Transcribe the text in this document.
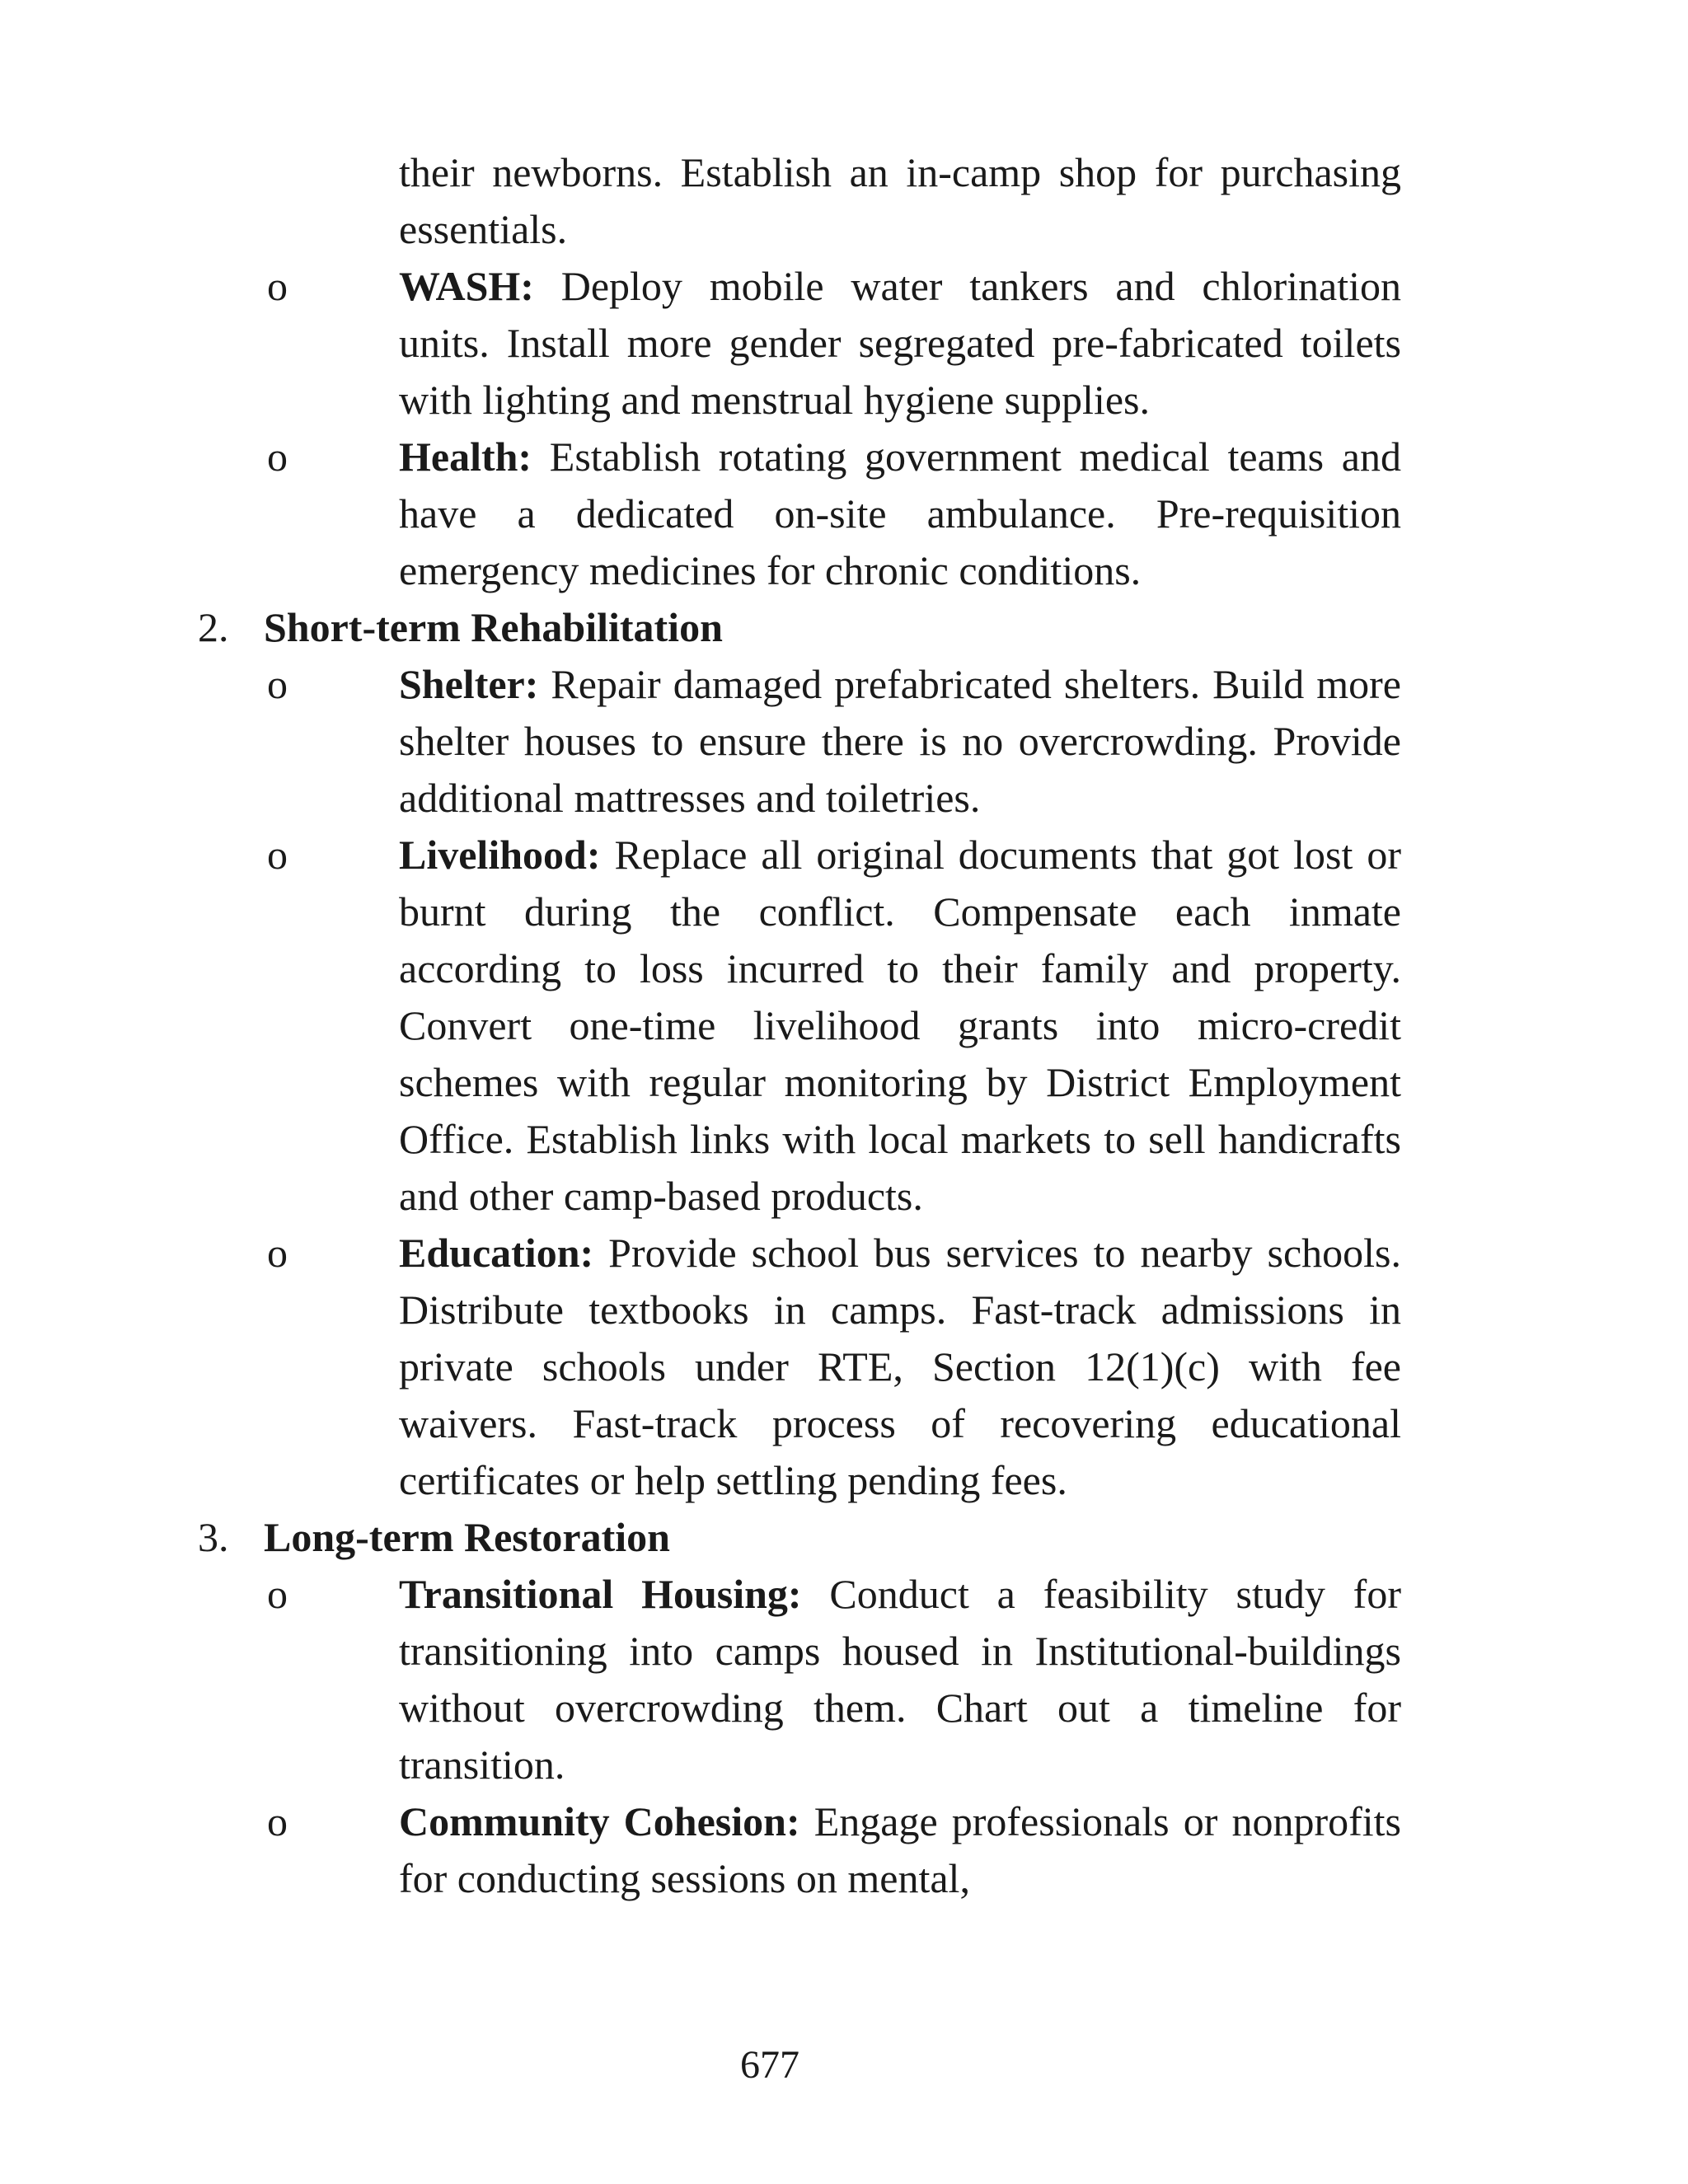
their newborns. Establish an in-camp shop for purchasing essentials.
o	WASH: Deploy mobile water tankers and chlorination units. Install more gender segregated pre-fabricated toilets with lighting and menstrual hygiene supplies.
o	Health: Establish rotating government medical teams and have a dedicated on-site ambulance. Pre-requisition emergency medicines for chronic conditions.
2. Short-term Rehabilitation
o	Shelter: Repair damaged prefabricated shelters. Build more shelter houses to ensure there is no overcrowding. Provide additional mattresses and toiletries.
o	Livelihood: Replace all original documents that got lost or burnt during the conflict. Compensate each inmate according to loss incurred to their family and property. Convert one-time livelihood grants into micro-credit schemes with regular monitoring by District Employment Office. Establish links with local markets to sell handicrafts and other camp-based products.
o	Education: Provide school bus services to nearby schools. Distribute textbooks in camps. Fast-track admissions in private schools under RTE, Section 12(1)(c) with fee waivers. Fast-track process of recovering educational certificates or help settling pending fees.
3. Long-term Restoration
o	Transitional Housing: Conduct a feasibility study for transitioning into camps housed in Institutional-buildings without overcrowding them. Chart out a timeline for transition.
o	Community Cohesion: Engage professionals or nonprofits for conducting sessions on mental,
677
